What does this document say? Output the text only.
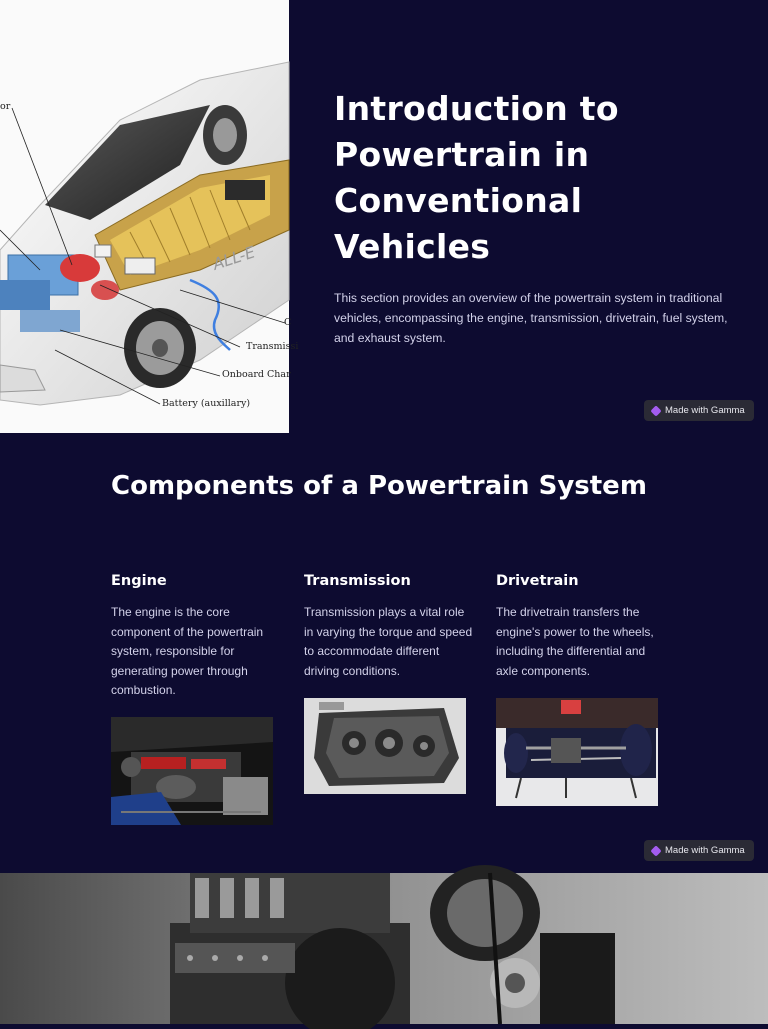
ALL-E
or
Transmissi
Onboard Char
Battery (auxillary)
C
Introduction to Powertrain in Conventional Vehicles

This section provides an overview of the powertrain system in traditional vehicles, encompassing the engine, transmission, drivetrain, fuel system, and exhaust system.

Made with Gamma
Components of a Powertrain System
Engine

The engine is the core component of the powertrain system, responsible for generating power through combustion.

Transmission

Transmission plays a vital role in varying the torque and speed to accommodate different driving conditions.

Drivetrain

The drivetrain transfers the engine's power to the wheels, including the differential and axle components.

Made with Gamma
